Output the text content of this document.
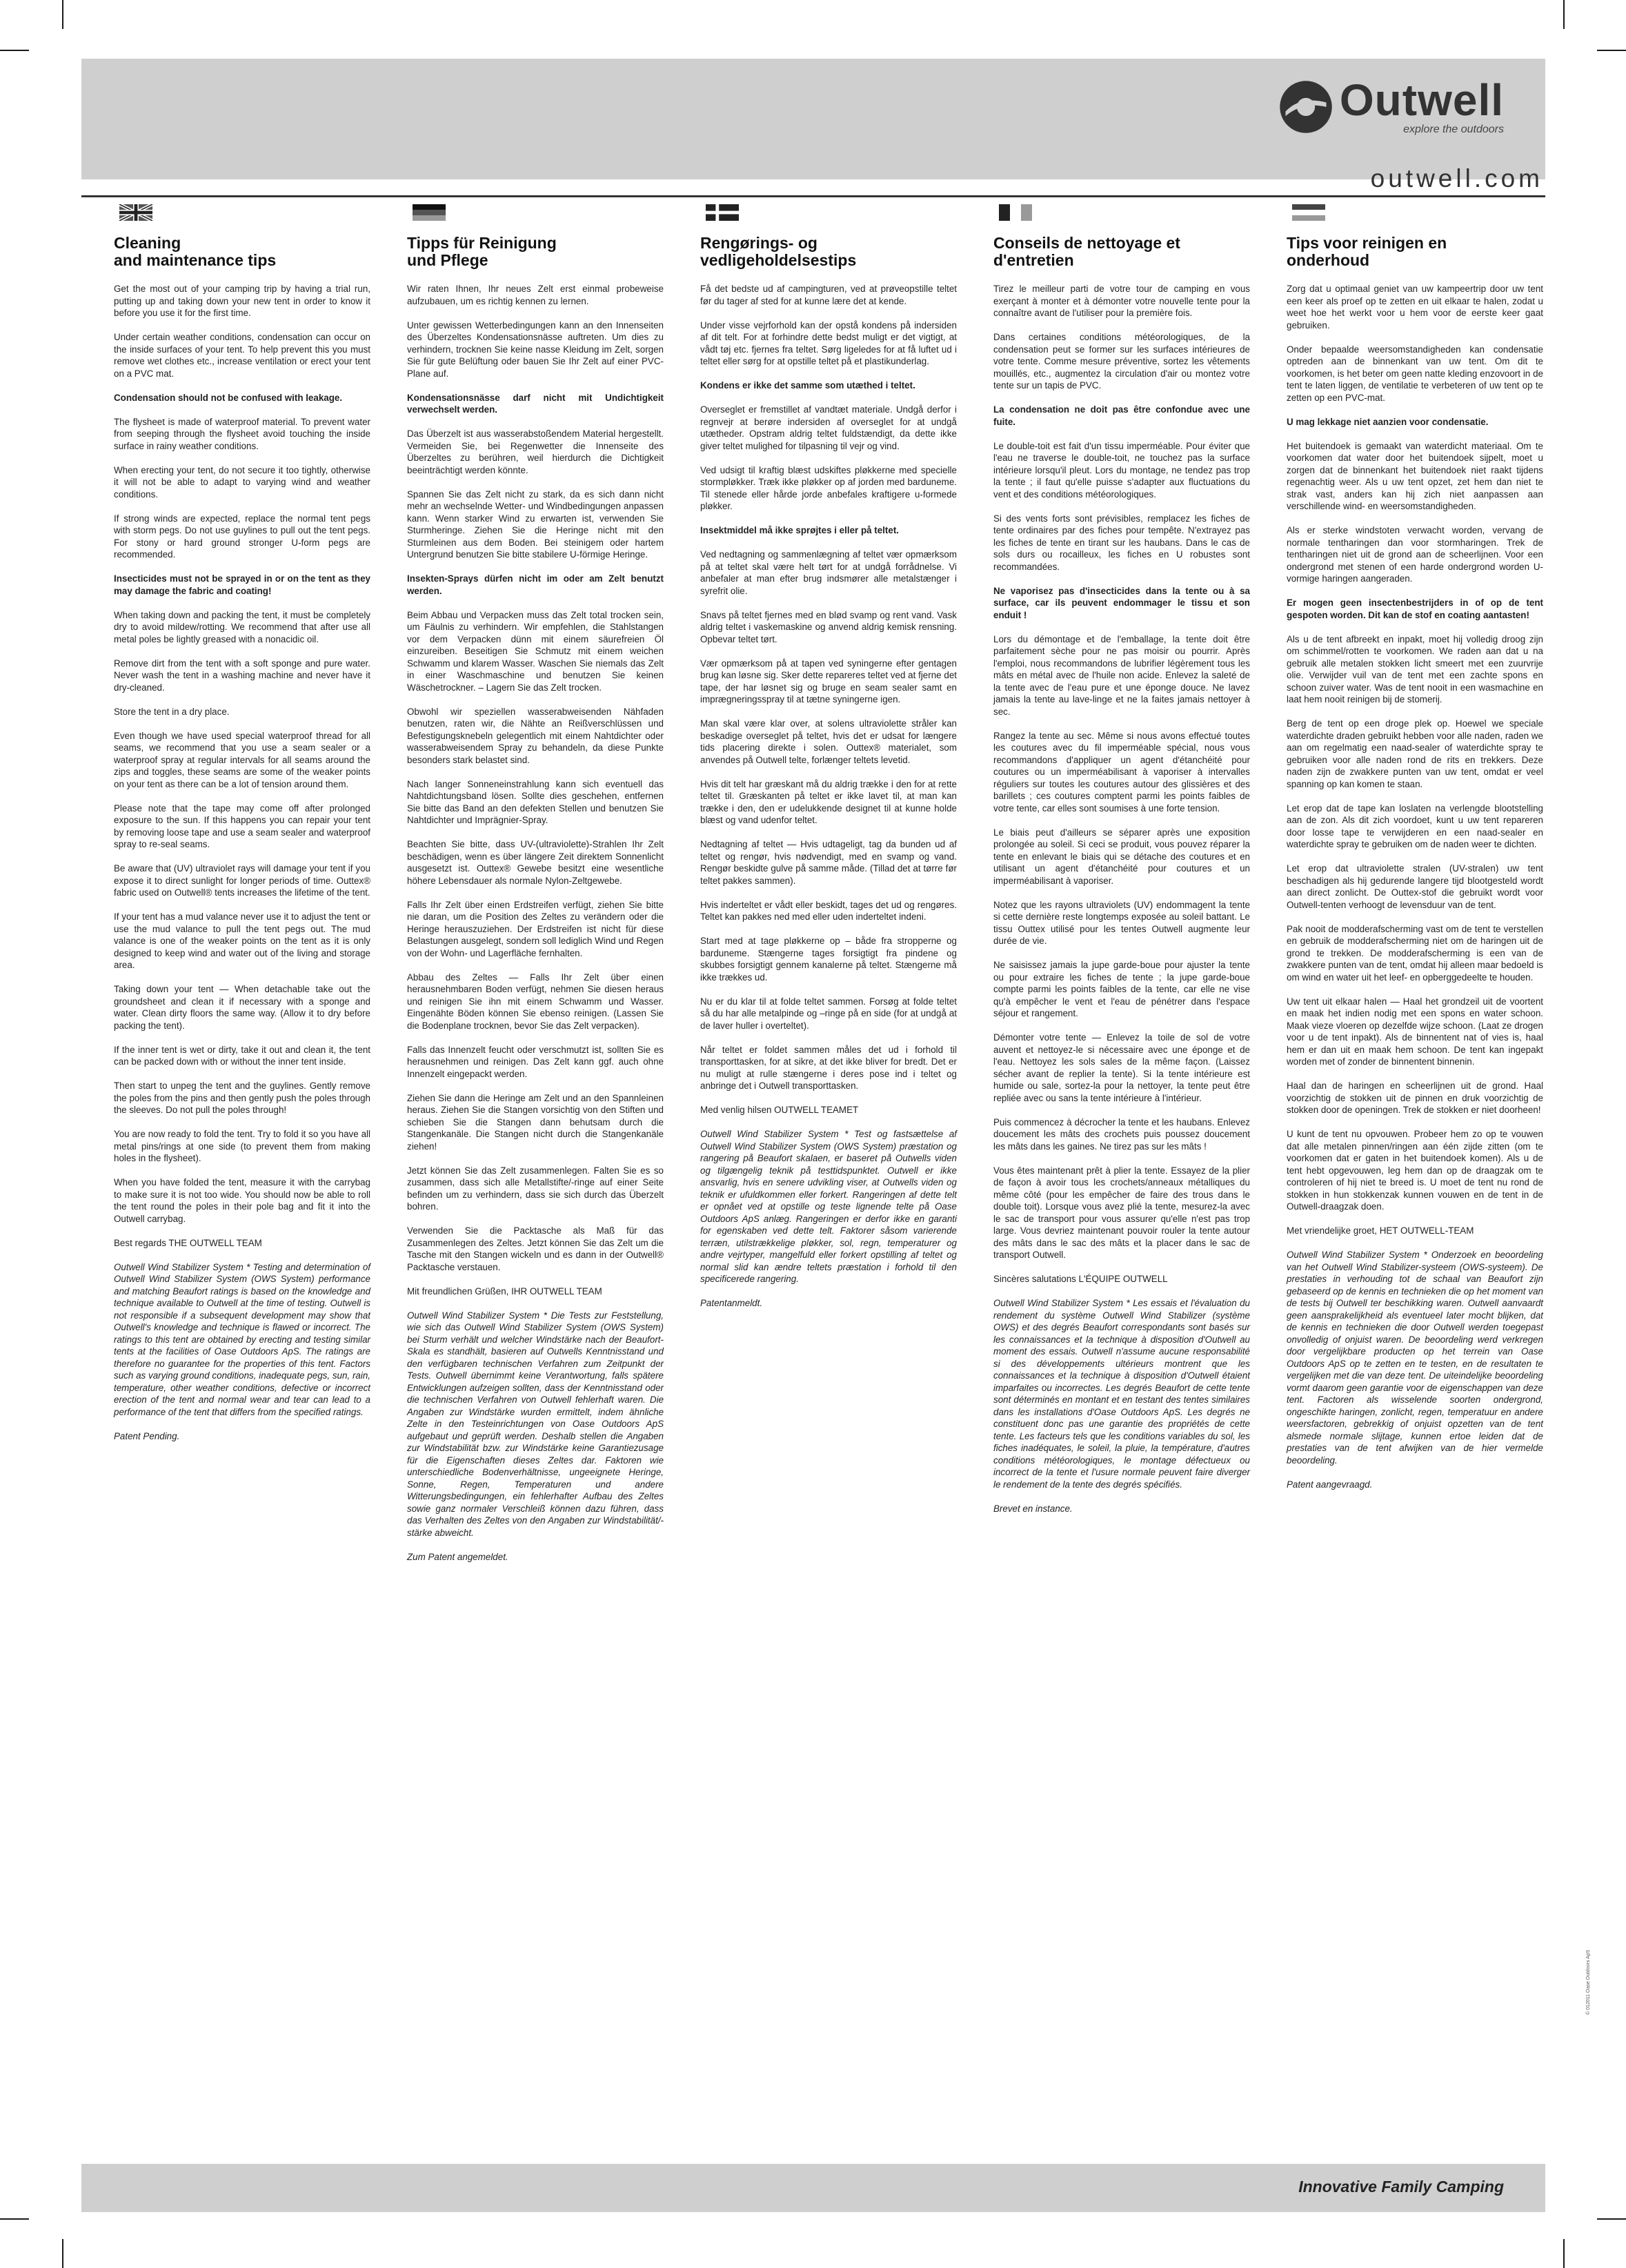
Outwell
explore the outdoors
outwell.com
Cleaning
and maintenance tips

Get the most out of your camping trip by having a trial run, putting up and taking down your new tent in order to know it before you use it for the first time.

Under certain weather conditions, condensation can occur on the inside surfaces of your tent. To help prevent this you must remove wet clothes etc., increase ventilation or erect your tent on a PVC mat.

Condensation should not be confused with leakage.

The flysheet is made of waterproof material. To prevent water from seeping through the flysheet avoid touching the inside surface in rainy weather conditions.

When erecting your tent, do not secure it too tightly, otherwise it will not be able to adapt to varying wind and weather conditions.

If strong winds are expected, replace the normal tent pegs with storm pegs. Do not use guylines to pull out the tent pegs. For stony or hard ground stronger U-form pegs are recommended.

Insecticides must not be sprayed in or on the tent as they may damage the fabric and coating!

When taking down and packing the tent, it must be completely dry to avoid mildew/rotting. We recommend that after use all metal poles be lightly greased with a nonacidic oil.

Remove dirt from the tent with a soft sponge and pure water. Never wash the tent in a washing machine and never have it dry-cleaned.

Store the tent in a dry place.

Even though we have used special waterproof thread for all seams, we recommend that you use a seam sealer or a waterproof spray at regular intervals for all seams around the zips and toggles, these seams are some of the weaker points on your tent as there can be a lot of tension around them.

Please note that the tape may come off after prolonged exposure to the sun. If this happens you can repair your tent by removing loose tape and use a seam sealer and waterproof spray to re-seal seams.

Be aware that (UV) ultraviolet rays will damage your tent if you expose it to direct sunlight for longer periods of time. Outtex® fabric used on Outwell® tents increases the lifetime of the tent.

If your tent has a mud valance never use it to adjust the tent or use the mud valance to pull the tent pegs out. The mud valance is one of the weaker points on the tent as it is only designed to keep wind and water out of the living and storage area.

Taking down your tent — When detachable take out the groundsheet and clean it if necessary with a sponge and water. Clean dirty floors the same way. (Allow it to dry before packing the tent).

If the inner tent is wet or dirty, take it out and clean it, the tent can be packed down with or without the inner tent inside.

Then start to unpeg the tent and the guylines. Gently remove the poles from the pins and then gently push the poles through the sleeves. Do not pull the poles through!

You are now ready to fold the tent. Try to fold it so you have all metal pins/rings at one side (to prevent them from making holes in the flysheet).

When you have folded the tent, measure it with the carrybag to make sure it is not too wide. You should now be able to roll the tent round the poles in their pole bag and fit it into the Outwell carrybag.

Best regards THE OUTWELL TEAM

Outwell Wind Stabilizer System * Testing and determination of Outwell Wind Stabilizer System (OWS System) performance and matching Beaufort ratings is based on the knowledge and technique available to Outwell at the time of testing. Outwell is not responsible if a subsequent development may show that Outwell's knowledge and technique is flawed or incorrect. The ratings to this tent are obtained by erecting and testing similar tents at the facilities of Oase Outdoors ApS. The ratings are therefore no guarantee for the properties of this tent. Factors such as varying ground conditions, inadequate pegs, sun, rain, temperature, other weather conditions, defective or incorrect erection of the tent and normal wear and tear can lead to a performance of the tent that differs from the specified ratings.

Patent Pending.

Tipps für Reinigung
und Pflege

Wir raten Ihnen, Ihr neues Zelt erst einmal probeweise aufzubauen, um es richtig kennen zu lernen.

Unter gewissen Wetterbedingungen kann an den Innenseiten des Überzeltes Kondensationsnässe auftreten. Um dies zu verhindern, trocknen Sie keine nasse Kleidung im Zelt, sorgen Sie für gute Belüftung oder bauen Sie Ihr Zelt auf einer PVC-Plane auf.

Kondensationsnässe darf nicht mit Undichtigkeit verwechselt werden.

Das Überzelt ist aus wasserabstoßendem Material hergestellt. Vermeiden Sie, bei Regenwetter die Innenseite des Überzeltes zu berühren, weil hierdurch die Dichtigkeit beeinträchtigt werden könnte.

Spannen Sie das Zelt nicht zu stark, da es sich dann nicht mehr an wechselnde Wetter- und Windbedingungen anpassen kann. Wenn starker Wind zu erwarten ist, verwenden Sie Sturmheringe. Ziehen Sie die Heringe nicht mit den Sturmleinen aus dem Boden. Bei steinigem oder hartem Untergrund benutzen Sie bitte stabilere U-förmige Heringe.

Insekten-Sprays dürfen nicht im oder am Zelt benutzt werden.

Beim Abbau und Verpacken muss das Zelt total trocken sein, um Fäulnis zu verhindern. Wir empfehlen, die Stahlstangen vor dem Verpacken dünn mit einem säurefreien Öl einzureiben. Beseitigen Sie Schmutz mit einem weichen Schwamm und klarem Wasser. Waschen Sie niemals das Zelt in einer Waschmaschine und benutzen Sie keinen Wäschetrockner. – Lagern Sie das Zelt trocken.

Obwohl wir speziellen wasserabweisenden Nähfaden benutzen, raten wir, die Nähte an Reißverschlüssen und Befestigungsknebeln gelegentlich mit einem Nahtdichter oder wasserabweisendem Spray zu behandeln, da diese Punkte besonders stark belastet sind.

Nach langer Sonneneinstrahlung kann sich eventuell das Nahtdichtungsband lösen. Sollte dies geschehen, entfernen Sie bitte das Band an den defekten Stellen und benutzen Sie Nahtdichter und Imprägnier-Spray.

Beachten Sie bitte, dass UV-(ultraviolette)-Strahlen Ihr Zelt beschädigen, wenn es über längere Zeit direktem Sonnenlicht ausgesetzt ist. Outtex® Gewebe besitzt eine wesentliche höhere Lebensdauer als normale Nylon-Zeltgewebe.

Falls Ihr Zelt über einen Erdstreifen verfügt, ziehen Sie bitte nie daran, um die Position des Zeltes zu verändern oder die Heringe herauszuziehen. Der Erdstreifen ist nicht für diese Belastungen ausgelegt, sondern soll lediglich Wind und Regen von der Wohn- und Lagerfläche fernhalten.

Abbau des Zeltes — Falls Ihr Zelt über einen herausnehmbaren Boden verfügt, nehmen Sie diesen heraus und reinigen Sie ihn mit einem Schwamm und Wasser. Eingenähte Böden können Sie ebenso reinigen. (Lassen Sie die Bodenplane trocknen, bevor Sie das Zelt verpacken).

Falls das Innenzelt feucht oder verschmutzt ist, sollten Sie es herausnehmen und reinigen. Das Zelt kann ggf. auch ohne Innenzelt eingepackt werden.

Ziehen Sie dann die Heringe am Zelt und an den Spannleinen heraus. Ziehen Sie die Stangen vorsichtig von den Stiften und schieben Sie die Stangen dann behutsam durch die Stangenkanäle. Die Stangen nicht durch die Stangenkanäle ziehen!

Jetzt können Sie das Zelt zusammenlegen. Falten Sie es so zusammen, dass sich alle Metallstifte/-ringe auf einer Seite befinden um zu verhindern, dass sie sich durch das Überzelt bohren.

Verwenden Sie die Packtasche als Maß für das Zusammenlegen des Zeltes. Jetzt können Sie das Zelt um die Tasche mit den Stangen wickeln und es dann in der Outwell® Packtasche verstauen.

Mit freundlichen Grüßen, IHR OUTWELL TEAM

Outwell Wind Stabilizer System * Die Tests zur Feststellung, wie sich das Outwell Wind Stabilizer System (OWS System) bei Sturm verhält und welcher Windstärke nach der Beaufort-Skala es standhält, basieren auf Outwells Kenntnisstand und den verfügbaren technischen Verfahren zum Zeitpunkt der Tests. Outwell übernimmt keine Verantwortung, falls spätere Entwicklungen aufzeigen sollten, dass der Kenntnisstand oder die technischen Verfahren von Outwell fehlerhaft waren. Die Angaben zur Windstärke wurden ermittelt, indem ähnliche Zelte in den Testeinrichtungen von Oase Outdoors ApS aufgebaut und geprüft werden. Deshalb stellen die Angaben zur Windstabilität bzw. zur Windstärke keine Garantiezusage für die Eigenschaften dieses Zeltes dar. Faktoren wie unterschiedliche Bodenverhältnisse, ungeeignete Heringe, Sonne, Regen, Temperaturen und andere Witterungsbedingungen, ein fehlerhafter Aufbau des Zeltes sowie ganz normaler Verschleiß können dazu führen, dass das Verhalten des Zeltes von den Angaben zur Windstabilität/-stärke abweicht.

Zum Patent angemeldet.

Rengørings- og
vedligeholdelsestips

Få det bedste ud af campingturen, ved at prøveopstille teltet før du tager af sted for at kunne lære det at kende.

Under visse vejrforhold kan der opstå kondens på indersiden af dit telt. For at forhindre dette bedst muligt er det vigtigt, at vådt tøj etc. fjernes fra teltet. Sørg ligeledes for at få luftet ud i teltet eller sørg for at opstille teltet på et plastikunderlag.

Kondens er ikke det samme som utæthed i teltet.

Overseglet er fremstillet af vandtæt materiale. Undgå derfor i regnvejr at berøre indersiden af overseglet for at undgå utætheder. Opstram aldrig teltet fuldstændigt, da dette ikke giver teltet mulighed for tilpasning til vejr og vind.

Ved udsigt til kraftig blæst udskiftes pløkkerne med specielle stormpløkker. Træk ikke pløkker op af jorden med barduneme. Til stenede eller hårde jorde anbefales kraftigere u-formede pløkker.

Insektmiddel må ikke sprøjtes i eller på teltet.

Ved nedtagning og sammenlægning af teltet vær opmærksom på at teltet skal være helt tørt for at undgå forrådnelse. Vi anbefaler at man efter brug indsmører alle metalstænger i syrefrit olie.

Snavs på teltet fjernes med en blød svamp og rent vand. Vask aldrig teltet i vaskemaskine og anvend aldrig kemisk rensning. Opbevar teltet tørt.

Vær opmærksom på at tapen ved syningerne efter gentagen brug kan løsne sig. Sker dette repareres teltet ved at fjerne det tape, der har løsnet sig og bruge en seam sealer samt en imprægneringsspray til at tætne syningerne igen.

Man skal være klar over, at solens ultraviolette stråler kan beskadige overseglet på teltet, hvis det er udsat for længere tids placering direkte i solen. Outtex® materialet, som anvendes på Outwell telte, forlænger teltets levetid.

Hvis dit telt har græskant må du aldrig trække i den for at rette teltet til. Græskanten på teltet er ikke lavet til, at man kan trække i den, den er udelukkende designet til at kunne holde blæst og vand udenfor teltet.

Nedtagning af teltet — Hvis udtageligt, tag da bunden ud af teltet og rengør, hvis nødvendigt, med en svamp og vand. Rengør beskidte gulve på samme måde. (Tillad det at tørre før teltet pakkes sammen).

Hvis inderteltet er vådt eller beskidt, tages det ud og rengøres. Teltet kan pakkes ned med eller uden inderteltet indeni.

Start med at tage pløkkerne op – både fra stropperne og barduneme. Stængerne tages forsigtigt fra pindene og skubbes forsigtigt gennem kanalerne på teltet. Stængerne må ikke trækkes ud.

Nu er du klar til at folde teltet sammen. Forsøg at folde teltet så du har alle metalpinde og –ringe på en side (for at undgå at de laver huller i overteltet).

Når teltet er foldet sammen måles det ud i forhold til transporttasken, for at sikre, at det ikke bliver for bredt. Det er nu muligt at rulle stængerne i deres pose ind i teltet og anbringe det i Outwell transporttasken.

Med venlig hilsen OUTWELL TEAMET

Outwell Wind Stabilizer System * Test og fastsættelse af Outwell Wind Stabilizer System (OWS System) præstation og rangering på Beaufort skalaen, er baseret på Outwells viden og tilgængelig teknik på testtidspunktet. Outwell er ikke ansvarlig, hvis en senere udvikling viser, at Outwells viden og teknik er ufuldkommen eller forkert. Rangeringen af dette telt er opnået ved at opstille og teste lignende telte på Oase Outdoors ApS anlæg. Rangeringen er derfor ikke en garanti for egenskaben ved dette telt. Faktorer såsom varierende terræn, utilstrækkelige pløkker, sol, regn, temperaturer og andre vejrtyper, mangelfuld eller forkert opstilling af teltet og normal slid kan ændre teltets præstation i forhold til den specificerede rangering.

Patentanmeldt.

Conseils de nettoyage et
d'entretien

Tirez le meilleur parti de votre tour de camping en vous exerçant à monter et à démonter votre nouvelle tente pour la connaître avant de l'utiliser pour la première fois.

Dans certaines conditions météorologiques, de la condensation peut se former sur les surfaces intérieures de votre tente. Comme mesure préventive, sortez les vêtements mouillés, etc., augmentez la circulation d'air ou montez votre tente sur un tapis de PVC.

La condensation ne doit pas être confondue avec une fuite.

Le double-toit est fait d'un tissu imperméable. Pour éviter que l'eau ne traverse le double-toit, ne touchez pas la surface intérieure lorsqu'il pleut. Lors du montage, ne tendez pas trop la tente ; il faut qu'elle puisse s'adapter aux fluctuations du vent et des conditions météorologiques.

Si des vents forts sont prévisibles, remplacez les fiches de tente ordinaires par des fiches pour tempête. N'extrayez pas les fiches de tente en tirant sur les haubans. Dans le cas de sols durs ou rocailleux, les fiches en U robustes sont recommandées.

Ne vaporisez pas d'insecticides dans la tente ou à sa surface, car ils peuvent endommager le tissu et son enduit !

Lors du démontage et de l'emballage, la tente doit être parfaitement sèche pour ne pas moisir ou pourrir. Après l'emploi, nous recommandons de lubrifier légèrement tous les mâts en métal avec de l'huile non acide. Enlevez la saleté de la tente avec de l'eau pure et une éponge douce. Ne lavez jamais la tente au lave-linge et ne la faites jamais nettoyer à sec.

Rangez la tente au sec. Même si nous avons effectué toutes les coutures avec du fil imperméable spécial, nous vous recommandons d'appliquer un agent d'étanchéité pour coutures ou un imperméabilisant à vaporiser à intervalles réguliers sur toutes les coutures autour des glissières et des barillets ; ces coutures comptent parmi les points faibles de votre tente, car elles sont soumises à une forte tension.

Le biais peut d'ailleurs se séparer après une exposition prolongée au soleil. Si ceci se produit, vous pouvez réparer la tente en enlevant le biais qui se détache des coutures et en utilisant un agent d'étanchéité pour coutures et un imperméabilisant à vaporiser.

Notez que les rayons ultraviolets (UV) endommagent la tente si cette dernière reste longtemps exposée au soleil battant. Le tissu Outtex utilisé pour les tentes Outwell augmente leur durée de vie.

Ne saisissez jamais la jupe garde-boue pour ajuster la tente ou pour extraire les fiches de tente ; la jupe garde-boue compte parmi les points faibles de la tente, car elle ne vise qu'à empêcher le vent et l'eau de pénétrer dans l'espace séjour et rangement.

Démonter votre tente — Enlevez la toile de sol de votre auvent et nettoyez-le si nécessaire avec une éponge et de l'eau. Nettoyez les sols sales de la même façon. (Laissez sécher avant de replier la tente). Si la tente intérieure est humide ou sale, sortez-la pour la nettoyer, la tente peut être repliée avec ou sans la tente intérieure à l'intérieur.

Puis commencez à décrocher la tente et les haubans. Enlevez doucement les mâts des crochets puis poussez doucement les mâts dans les gaines. Ne tirez pas sur les mâts !

Vous êtes maintenant prêt à plier la tente. Essayez de la plier de façon à avoir tous les crochets/anneaux métalliques du même côté (pour les empêcher de faire des trous dans le double toit). Lorsque vous avez plié la tente, mesurez-la avec le sac de transport pour vous assurer qu'elle n'est pas trop large. Vous devriez maintenant pouvoir rouler la tente autour des mâts dans le sac des mâts et la placer dans le sac de transport Outwell.

Sincères salutations L'ÉQUIPE OUTWELL

Outwell Wind Stabilizer System * Les essais et l'évaluation du rendement du système Outwell Wind Stabilizer (système OWS) et des degrés Beaufort correspondants sont basés sur les connaissances et la technique à disposition d'Outwell au moment des essais. Outwell n'assume aucune responsabilité si des développements ultérieurs montrent que les connaissances et la technique à disposition d'Outwell étaient imparfaites ou incorrectes. Les degrés Beaufort de cette tente sont déterminés en montant et en testant des tentes similaires dans les installations d'Oase Outdoors ApS. Les degrés ne constituent donc pas une garantie des propriétés de cette tente. Les facteurs tels que les conditions variables du sol, les fiches inadéquates, le soleil, la pluie, la température, d'autres conditions météorologiques, le montage défectueux ou incorrect de la tente et l'usure normale peuvent faire diverger le rendement de la tente des degrés spécifiés.

Brevet en instance.

Tips voor reinigen en
onderhoud

Zorg dat u optimaal geniet van uw kampeertrip door uw tent een keer als proef op te zetten en uit elkaar te halen, zodat u weet hoe het werkt voor u hem voor de eerste keer gaat gebruiken.

Onder bepaalde weersomstandigheden kan condensatie optreden aan de binnenkant van uw tent. Om dit te voorkomen, is het beter om geen natte kleding enzovoort in de tent te laten liggen, de ventilatie te verbeteren of uw tent op te zetten op een PVC-mat.

U mag lekkage niet aanzien voor condensatie.

Het buitendoek is gemaakt van waterdicht materiaal. Om te voorkomen dat water door het buitendoek sijpelt, moet u zorgen dat de binnenkant het buitendoek niet raakt tijdens regenachtig weer. Als u uw tent opzet, zet hem dan niet te strak vast, anders kan hij zich niet aanpassen aan verschillende wind- en weersomstandigheden.

Als er sterke windstoten verwacht worden, vervang de normale tentharingen dan voor stormharingen. Trek de tentharingen niet uit de grond aan de scheerlijnen. Voor een ondergrond met stenen of een harde ondergrond worden U-vormige haringen aangeraden.

Er mogen geen insectenbestrijders in of op de tent gespoten worden. Dit kan de stof en coating aantasten!

Als u de tent afbreekt en inpakt, moet hij volledig droog zijn om schimmel/rotten te voorkomen. We raden aan dat u na gebruik alle metalen stokken licht smeert met een zuurvrije olie. Verwijder vuil van de tent met een zachte spons en schoon zuiver water. Was de tent nooit in een wasmachine en laat hem nooit reinigen bij de stomerij.

Berg de tent op een droge plek op. Hoewel we speciale waterdichte draden gebruikt hebben voor alle naden, raden we aan om regelmatig een naad-sealer of waterdichte spray te gebruiken voor alle naden rond de rits en trekkers. Deze naden zijn de zwakkere punten van uw tent, omdat er veel spanning op kan komen te staan.

Let erop dat de tape kan loslaten na verlengde blootstelling aan de zon. Als dit zich voordoet, kunt u uw tent repareren door losse tape te verwijderen en een naad-sealer en waterdichte spray te gebruiken om de naden weer te dichten.

Let erop dat ultraviolette stralen (UV-stralen) uw tent beschadigen als hij gedurende langere tijd blootgesteld wordt aan direct zonlicht. De Outtex-stof die gebruikt wordt voor Outwell-tenten verhoogt de levensduur van de tent.

Pak nooit de modderafscherming vast om de tent te verstellen en gebruik de modderafscherming niet om de haringen uit de grond te trekken. De modderafscherming is een van de zwakkere punten van de tent, omdat hij alleen maar bedoeld is om wind en water uit het leef- en opberggedeelte te houden.

Uw tent uit elkaar halen — Haal het grondzeil uit de voortent en maak het indien nodig met een spons en water schoon. Maak vieze vloeren op dezelfde wijze schoon. (Laat ze drogen voor u de tent inpakt). Als de binnentent nat of vies is, haal hem er dan uit en maak hem schoon. De tent kan ingepakt worden met of zonder de binnentent binnenin.

Haal dan de haringen en scheerlijnen uit de grond. Haal voorzichtig de stokken uit de pinnen en druk voorzichtig de stokken door de openingen. Trek de stokken er niet doorheen!

U kunt de tent nu opvouwen. Probeer hem zo op te vouwen dat alle metalen pinnen/ringen aan één zijde zitten (om te voorkomen dat er gaten in het buitendoek komen). Als u de tent hebt opgevouwen, leg hem dan op de draagzak om te controleren of hij niet te breed is. U moet de tent nu rond de stokken in hun stokkenzak kunnen vouwen en de tent in de Outwell-draagzak doen.

Met vriendelijke groet, HET OUTWELL-TEAM

Outwell Wind Stabilizer System * Onderzoek en beoordeling van het Outwell Wind Stabilizer-systeem (OWS-systeem). De prestaties in verhouding tot de schaal van Beaufort zijn gebaseerd op de kennis en technieken die op het moment van de tests bij Outwell ter beschikking waren. Outwell aanvaardt geen aansprakelijkheid als eventueel later mocht blijken, dat de kennis en technieken die door Outwell werden toegepast onvolledig of onjuist waren. De beoordeling werd verkregen door vergelijkbare producten op het terrein van Oase Outdoors ApS op te zetten en te testen, en de resultaten te vergelijken met die van deze tent. De uiteindelijke beoordeling vormt daarom geen garantie voor de eigenschappen van deze tent. Factoren als wisselende soorten ondergrond, ongeschikte haringen, zonlicht, regen, temperatuur en andere weersfactoren, gebrekkig of onjuist opzetten van de tent alsmede normale slijtage, kunnen ertoe leiden dat de prestaties van de tent afwijken van de hier vermelde beoordeling.

Patent aangevraagd.

Innovative Family Camping
© 012011 Oase Outdoors ApS
